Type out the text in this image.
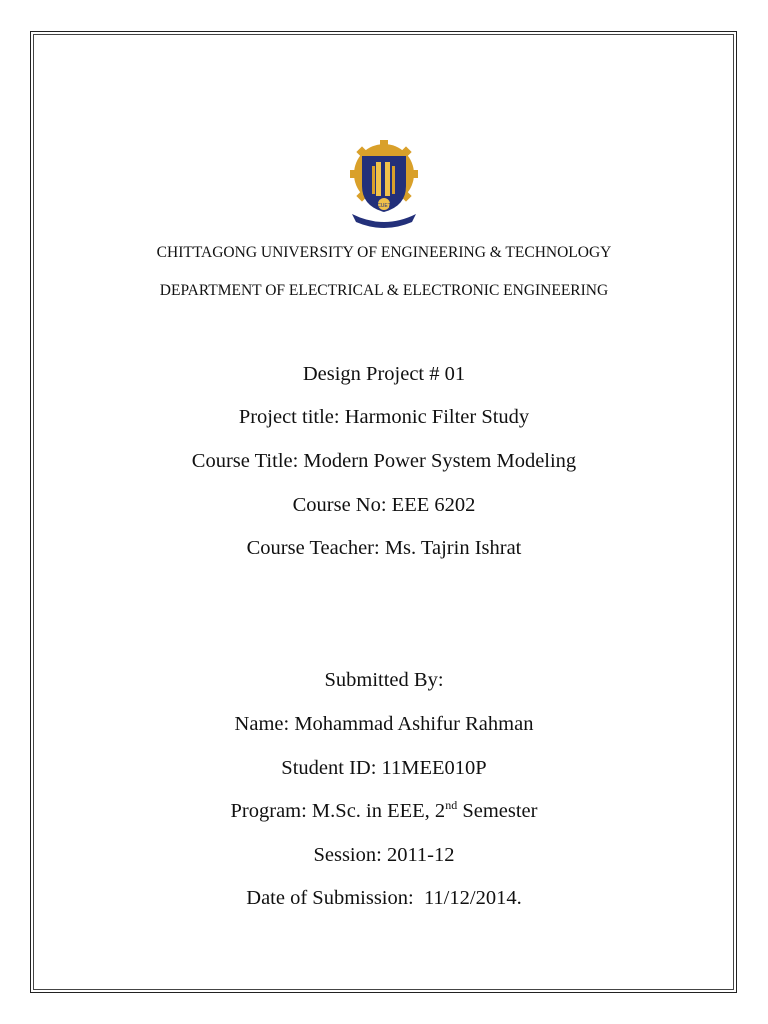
CUET
CHITTAGONG UNIVERSITY OF ENGINEERING & TECHNOLOGY
DEPARTMENT OF ELECTRICAL & ELECTRONIC ENGINEERING
Design Project # 01
Project title: Harmonic Filter Study
Course Title: Modern Power System Modeling
Course No: EEE 6202
Course Teacher: Ms. Tajrin Ishrat
Submitted By:
Name: Mohammad Ashifur Rahman
Student ID: 11MEE010P
Program: M.Sc. in EEE, 2nd Semester
Session: 2011-12
Date of Submission:  11/12/2014.
